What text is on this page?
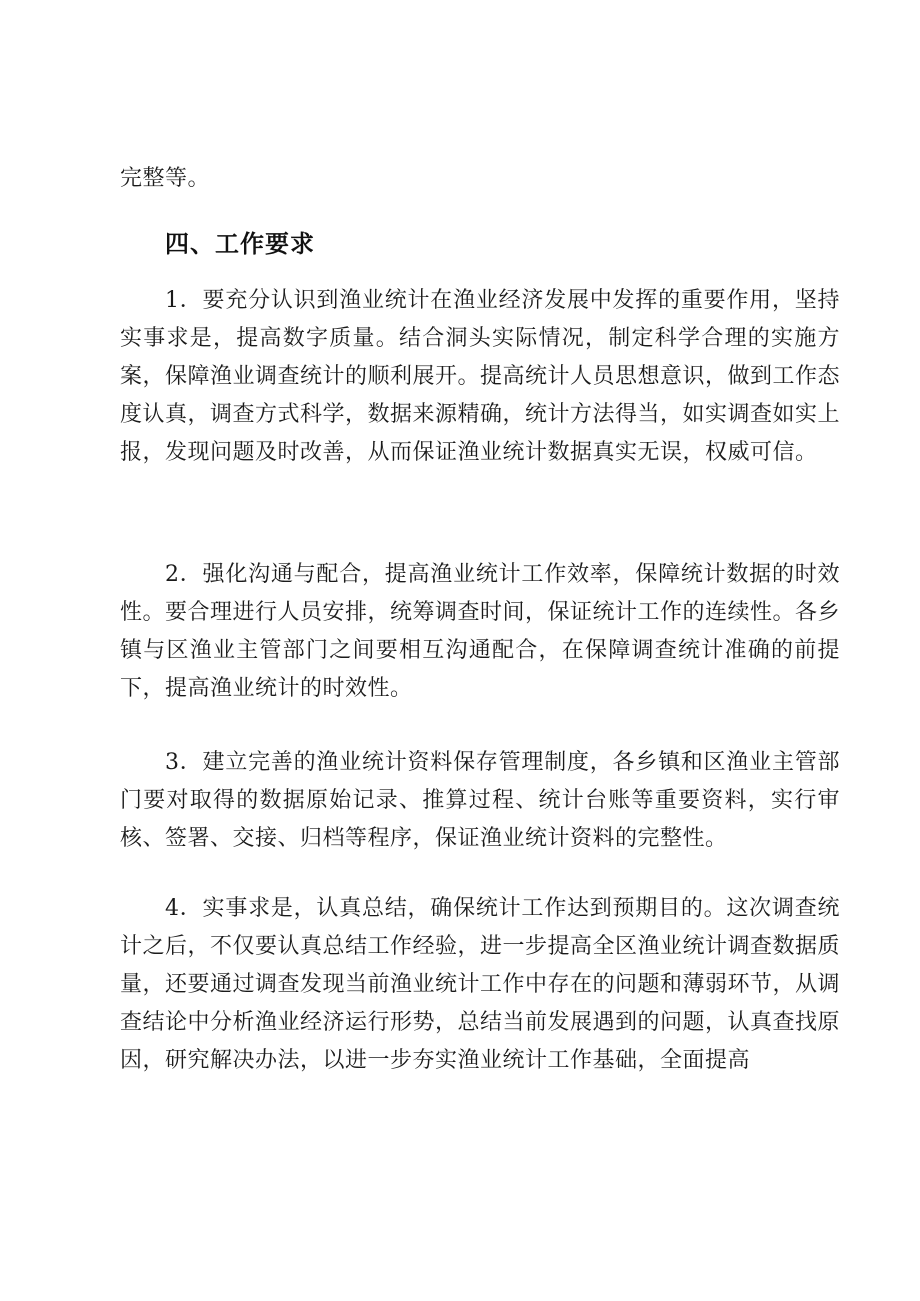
完整等。
四、工作要求
1．要充分认识到渔业统计在渔业经济发展中发挥的重要作用，坚持实事求是，提高数字质量。结合洞头实际情况，制定科学合理的实施方案，保障渔业调查统计的顺利展开。提高统计人员思想意识，做到工作态度认真，调查方式科学，数据来源精确，统计方法得当，如实调查如实上报，发现问题及时改善，从而保证渔业统计数据真实无误，权威可信。
2．强化沟通与配合，提高渔业统计工作效率，保障统计数据的时效性。要合理进行人员安排，统筹调查时间，保证统计工作的连续性。各乡镇与区渔业主管部门之间要相互沟通配合，在保障调查统计准确的前提下，提高渔业统计的时效性。
3．建立完善的渔业统计资料保存管理制度，各乡镇和区渔业主管部门要对取得的数据原始记录、推算过程、统计台账等重要资料，实行审核、签署、交接、归档等程序，保证渔业统计资料的完整性。
4．实事求是，认真总结，确保统计工作达到预期目的。这次调查统计之后，不仅要认真总结工作经验，进一步提高全区渔业统计调查数据质量，还要通过调查发现当前渔业统计工作中存在的问题和薄弱环节，从调查结论中分析渔业经济运行形势，总结当前发展遇到的问题，认真查找原因，研究解决办法，以进一步夯实渔业统计工作基础，全面提高
